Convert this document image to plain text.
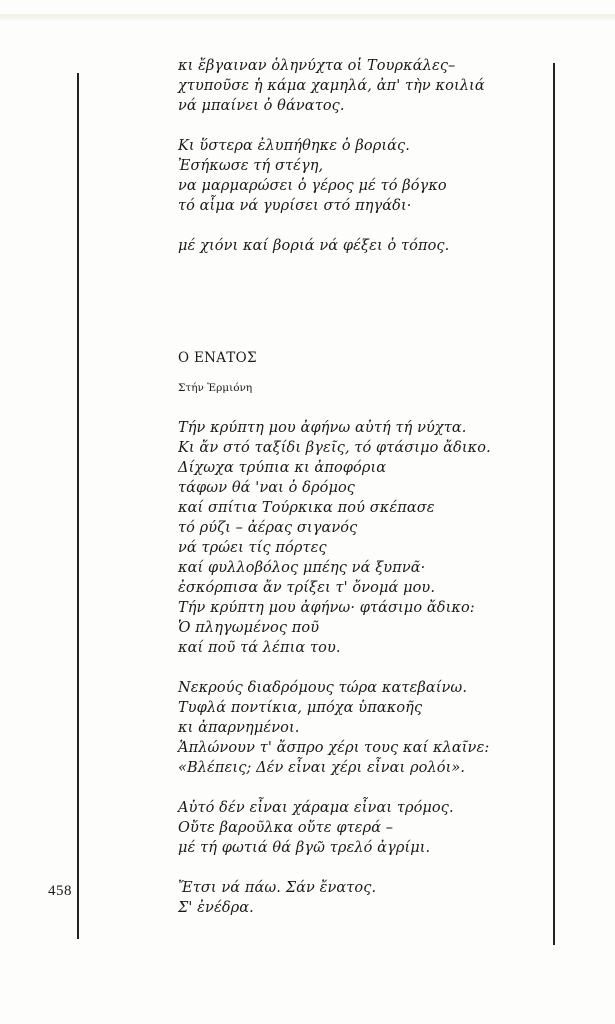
κι ἔβγαιναν ὁληνύχτα οἱ Τουρκάλες–
χτυποῦσε ἡ κάμα χαμηλά, ἀπ' τὴν κοιλιά
νά μπαίνει ὁ θάνατος.
Κι ὕστερα ἐλυπήθηκε ὁ βοριάς.
Ἐσήκωσε τή στέγη,
να μαρμαρώσει ὁ γέρος μέ τό βόγκο
τό αἷμα νά γυρίσει στό πηγάδι·
μέ χιόνι καί βοριά νά φέξει ὁ τόπος.
Ο ΕΝΑΤΟΣ
Στήν Ἑρμιόνη
Τήν κρύπτη μου ἀφήνω αὐτή τή νύχτα.
Κι ἄν στό ταξίδι βγεῖς, τό φτάσιμο ἄδικο.
Δίχωχα τρύπια κι ἀποφόρια
τάφων θά 'ναι ὁ δρόμος
καί σπίτια Τούρκικα πού σκέπασε
τό ρύζι – ἀέρας σιγανός
νά τρώει τίς πόρτες
καί φυλλοβόλος μπέης νά ξυπνᾶ·
ἐσκόρπισα ἄν τρίξει τ' ὄνομά μου.
Τήν κρύπτη μου ἀφήνω· φτάσιμο ἄδικο:
Ὁ πληγωμένος ποῦ
καί ποῦ τά λέπια του.
Νεκρούς διαδρόμους τώρα κατεβαίνω.
Τυφλά ποντίκια, μπόχα ὑπακοῆς
κι ἀπαρνημένοι.
Ἁπλώνουν τ' ἄσπρο χέρι τους καί κλαῖνε:
«Βλέπεις; Δέν εἶναι χέρι εἶναι ρολόι».
Αὐτό δέν εἶναι χάραμα εἶναι τρόμος.
Οὔτε βαροῦλκα οὔτε φτερά –
μέ τή φωτιά θά βγῶ τρελό ἀγρίμι.
Ἔτσι νά πάω. Σάν ἔνατος.
Σ' ἐνέδρα.
458
